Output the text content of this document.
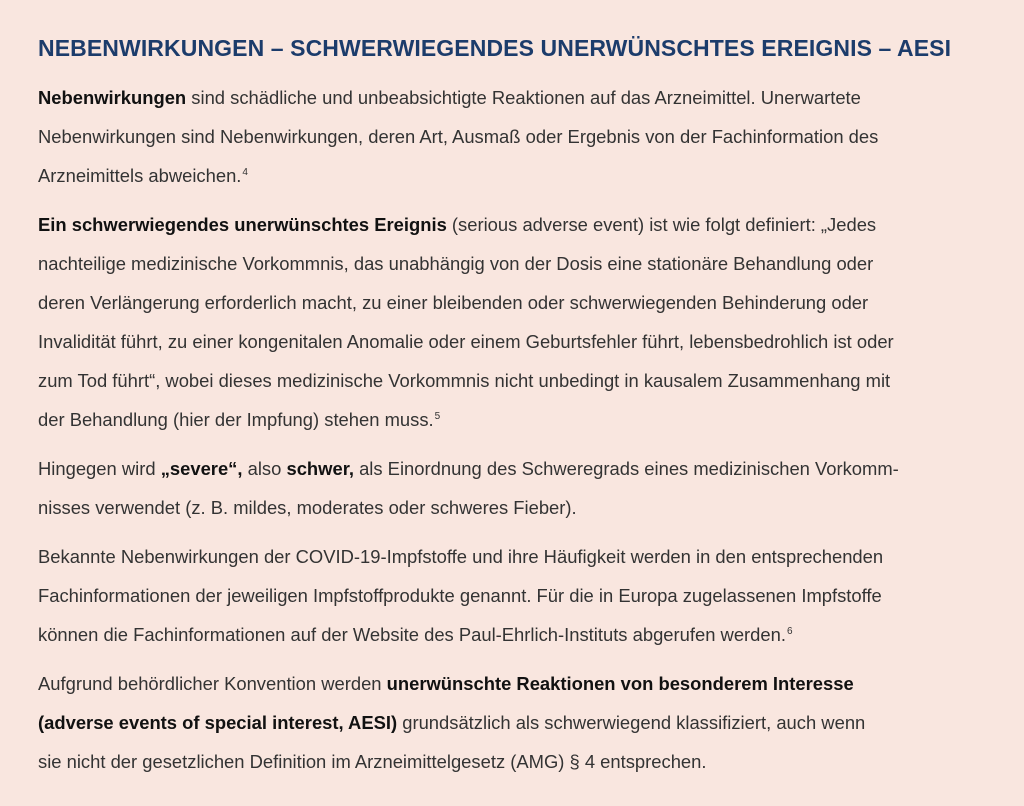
NEBENWIRKUNGEN – SCHWERWIEGENDES UNERWÜNSCHTES EREIGNIS – AESI

Nebenwirkungen sind schädliche und unbeabsichtigte Reaktionen auf das Arzneimittel. Unerwartete
Nebenwirkungen sind Nebenwirkungen, deren Art, Ausmaß oder Ergebnis von der Fachinformation des
Arzneimittels abweichen.$^4$

Ein schwerwiegendes unerwünschtes Ereignis (serious adverse event) ist wie folgt definiert: „Jedes
nachteilige medizinische Vorkommnis, das unabhängig von der Dosis eine stationäre Behandlung oder
deren Verlängerung erforderlich macht, zu einer bleibenden oder schwerwiegenden Behinderung oder
Invalidität führt, zu einer kongenitalen Anomalie oder einem Geburtsfehler führt, lebensbedrohlich ist oder
zum Tod führt“, wobei dieses medizinische Vorkommnis nicht unbedingt in kausalem Zusammenhang mit
der Behandlung (hier der Impfung) stehen muss.$^5$

Hingegen wird „severe“, also schwer, als Einordnung des Schweregrads eines medizinischen Vorkomm-
nisses verwendet (z. B. mildes, moderates oder schweres Fieber).

Bekannte Nebenwirkungen der COVID-19-Impfstoffe und ihre Häufigkeit werden in den entsprechenden
Fachinformationen der jeweiligen Impfstoffprodukte genannt. Für die in Europa zugelassenen Impfstoffe
können die Fachinformationen auf der Website des Paul-Ehrlich-Instituts abgerufen werden.$^6$

Aufgrund behördlicher Konvention werden unerwünschte Reaktionen von besonderem Interesse
(adverse events of special interest, AESI) grundsätzlich als schwerwiegend klassifiziert, auch wenn
sie nicht der gesetzlichen Definition im Arzneimittelgesetz (AMG) § 4 entsprechen.
